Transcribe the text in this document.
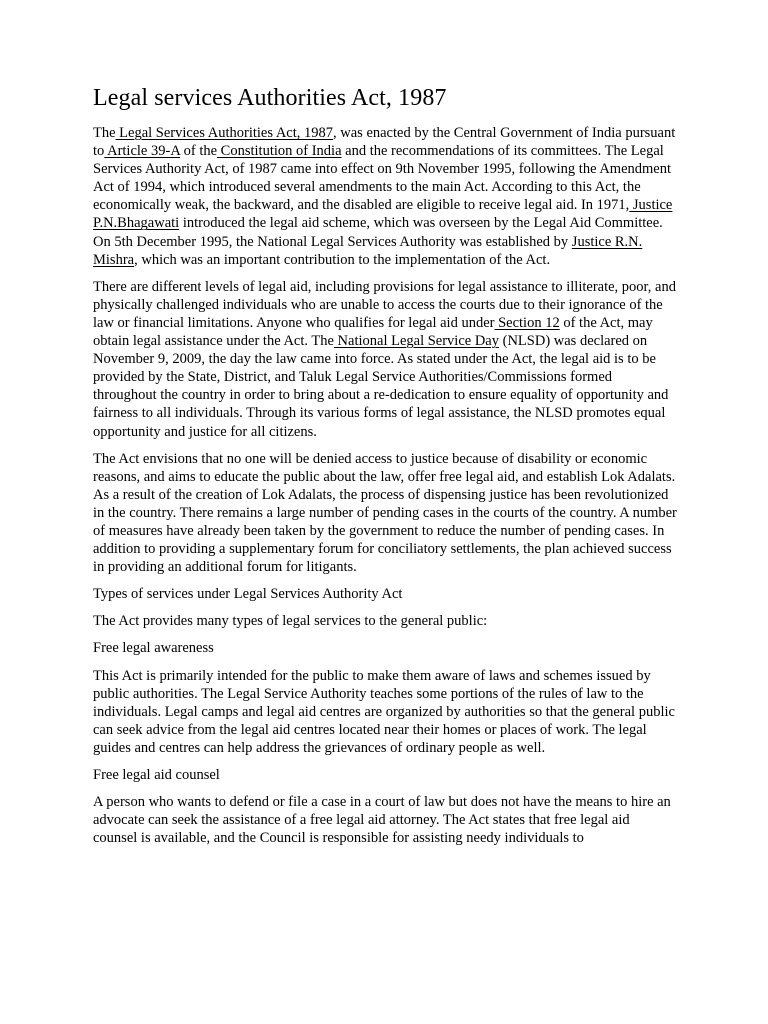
Legal services Authorities Act, 1987

The Legal Services Authorities Act, 1987, was enacted by the Central Government of India pursuant to Article 39-A of the Constitution of India and the recommendations of its committees. The Legal Services Authority Act, of 1987 came into effect on 9th November 1995, following the Amendment Act of 1994, which introduced several amendments to the main Act. According to this Act, the economically weak, the backward, and the disabled are eligible to receive legal aid. In 1971, Justice P.N.Bhagawati introduced the legal aid scheme, which was overseen by the Legal Aid Committee. On 5th December 1995, the National Legal Services Authority was established by Justice R.N. Mishra, which was an important contribution to the implementation of the Act.

There are different levels of legal aid, including provisions for legal assistance to illiterate, poor, and physically challenged individuals who are unable to access the courts due to their ignorance of the law or financial limitations. Anyone who qualifies for legal aid under Section 12 of the Act, may obtain legal assistance under the Act. The National Legal Service Day (NLSD) was declared on November 9, 2009, the day the law came into force. As stated under the Act, the legal aid is to be provided by the State, District, and Taluk Legal Service Authorities/Commissions formed throughout the country in order to bring about a re-dedication to ensure equality of opportunity and fairness to all individuals. Through its various forms of legal assistance, the NLSD promotes equal opportunity and justice for all citizens.

The Act envisions that no one will be denied access to justice because of disability or economic reasons, and aims to educate the public about the law, offer free legal aid, and establish Lok Adalats. As a result of the creation of Lok Adalats, the process of dispensing justice has been revolutionized in the country. There remains a large number of pending cases in the courts of the country. A number of measures have already been taken by the government to reduce the number of pending cases. In addition to providing a supplementary forum for conciliatory settlements, the plan achieved success in providing an additional forum for litigants.

Types of services under Legal Services Authority Act

The Act provides many types of legal services to the general public:

Free legal awareness

This Act is primarily intended for the public to make them aware of laws and schemes issued by public authorities. The Legal Service Authority teaches some portions of the rules of law to the individuals. Legal camps and legal aid centres are organized by authorities so that the general public can seek advice from the legal aid centres located near their homes or places of work. The legal guides and centres can help address the grievances of ordinary people as well.

Free legal aid counsel

A person who wants to defend or file a case in a court of law but does not have the means to hire an advocate can seek the assistance of a free legal aid attorney. The Act states that free legal aid counsel is available, and the Council is responsible for assisting needy individuals to
